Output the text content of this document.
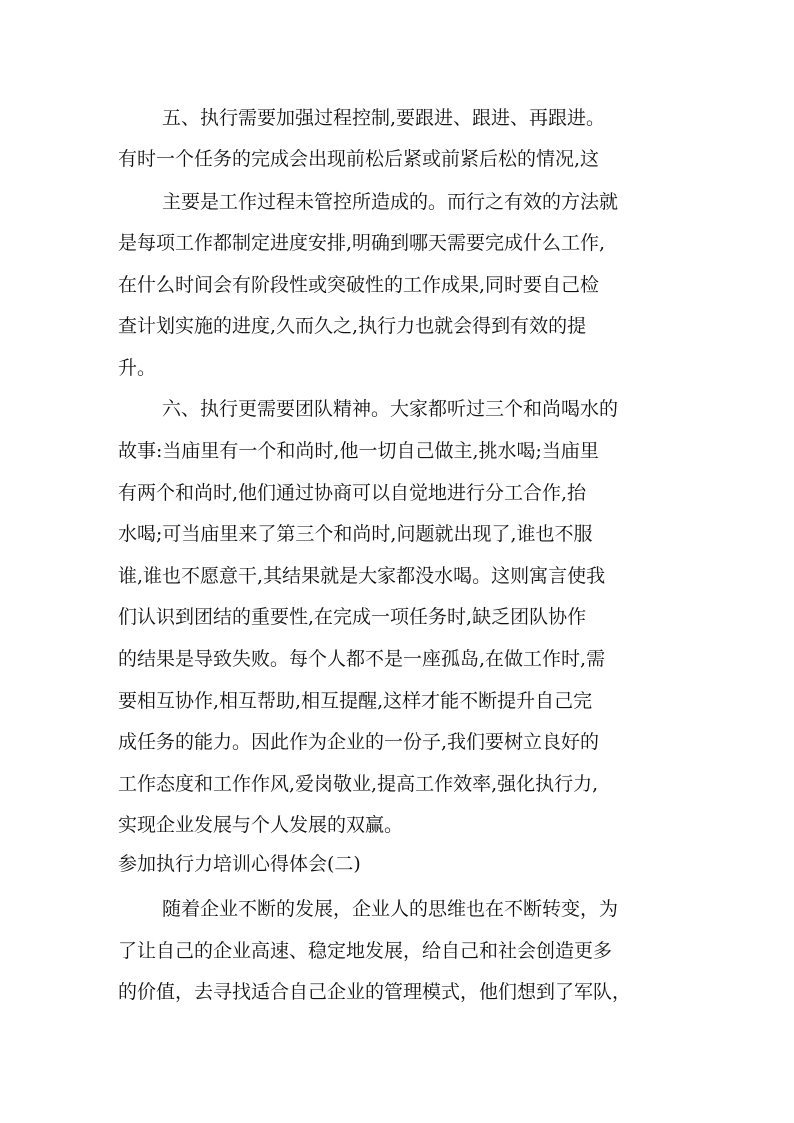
五、执行需要加强过程控制,要跟进、跟进、再跟进。
有时一个任务的完成会出现前松后紧或前紧后松的情况,这
主要是工作过程未管控所造成的。而行之有效的方法就
是每项工作都制定进度安排,明确到哪天需要完成什么工作,
在什么时间会有阶段性或突破性的工作成果,同时要自己检
查计划实施的进度,久而久之,执行力也就会得到有效的提
升。
六、执行更需要团队精神。大家都听过三个和尚喝水的
故事:当庙里有一个和尚时,他一切自己做主,挑水喝;当庙里
有两个和尚时,他们通过协商可以自觉地进行分工合作,抬
水喝;可当庙里来了第三个和尚时,问题就出现了,谁也不服
谁,谁也不愿意干,其结果就是大家都没水喝。这则寓言使我
们认识到团结的重要性,在完成一项任务时,缺乏团队协作
的结果是导致失败。每个人都不是一座孤岛,在做工作时,需
要相互协作,相互帮助,相互提醒,这样才能不断提升自己完
成任务的能力。因此作为企业的一份子,我们要树立良好的
工作态度和工作作风,爱岗敬业,提高工作效率,强化执行力,
实现企业发展与个人发展的双赢。
参加执行力培训心得体会(二)
随着企业不断的发展，企业人的思维也在不断转变，为
了让自己的企业高速、稳定地发展，给自己和社会创造更多
的价值，去寻找适合自己企业的管理模式，他们想到了军队，
